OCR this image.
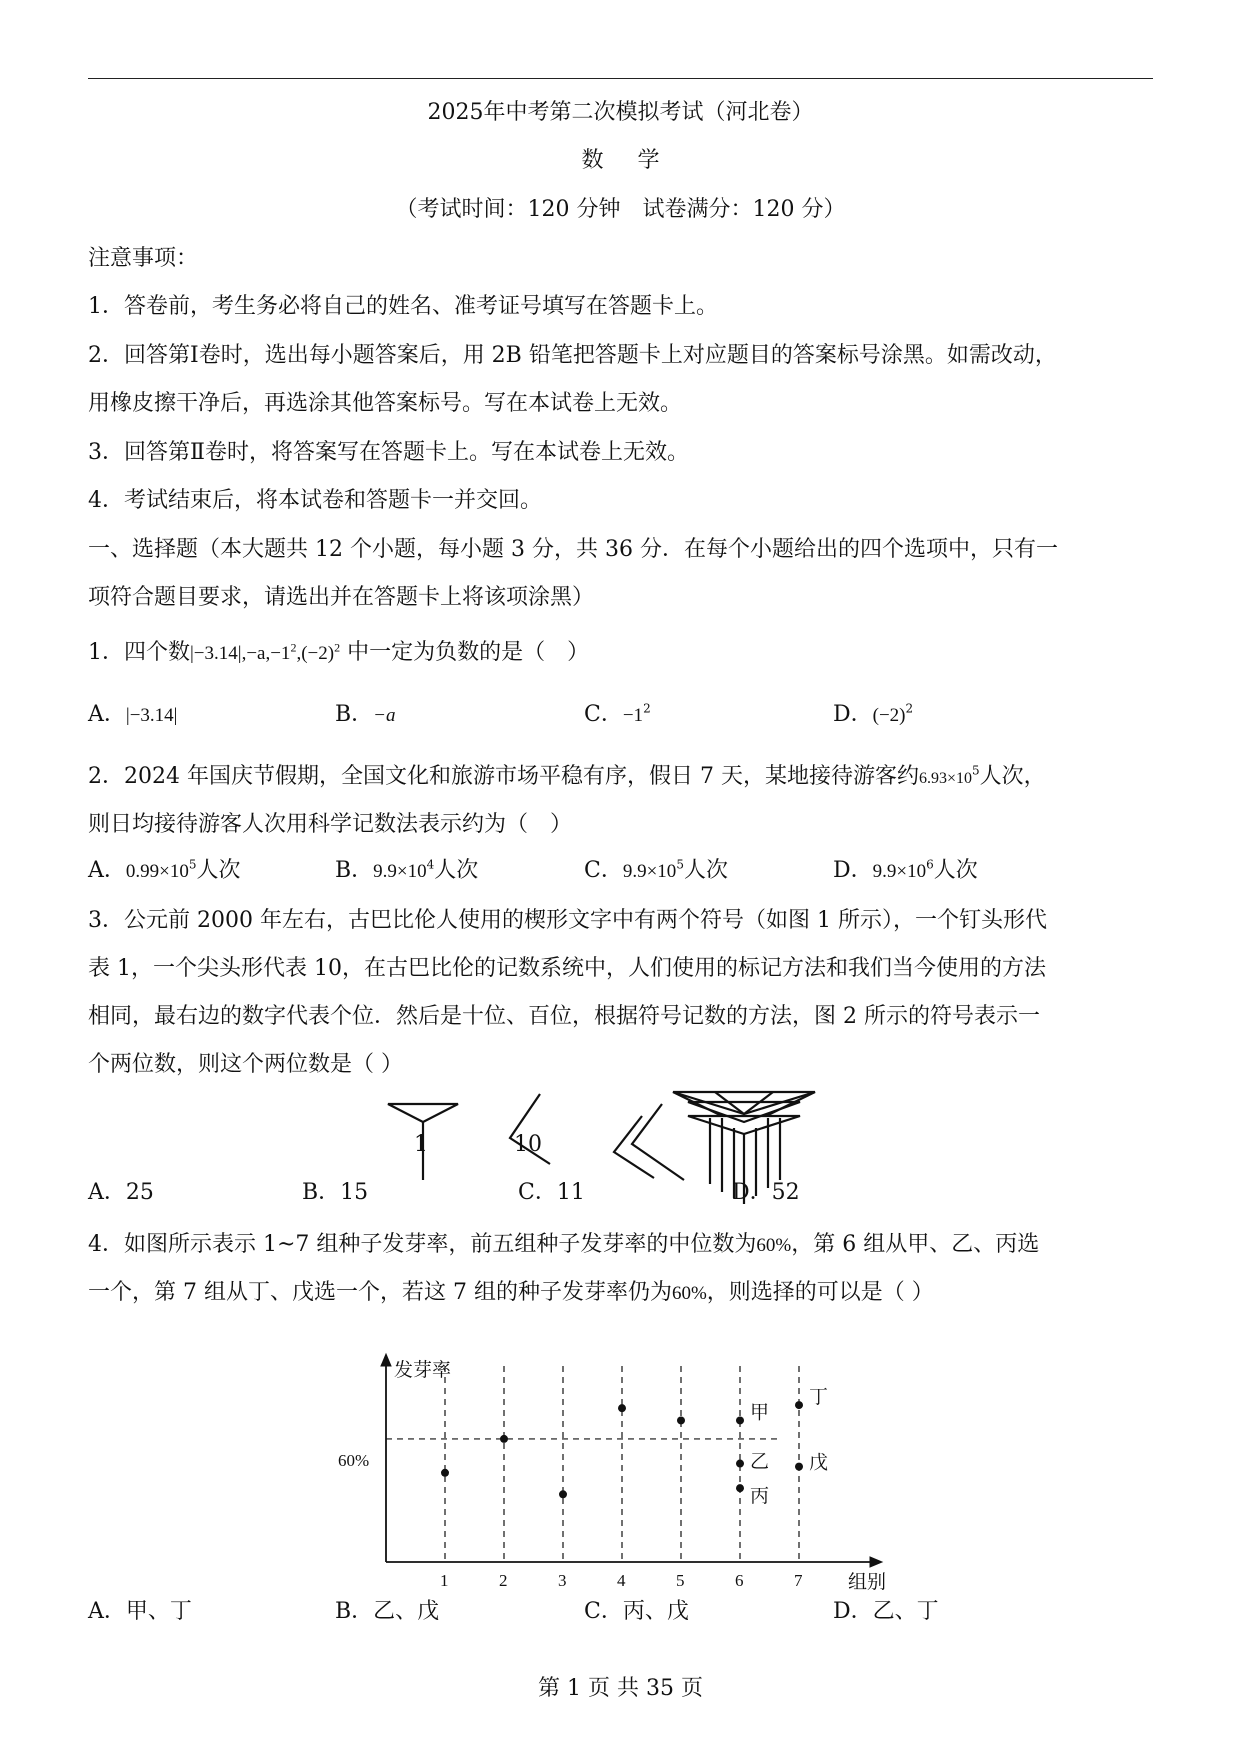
2025年中考第二次模拟考试（河北卷）
数学
（考试时间：120 分钟　试卷满分：120 分）
注意事项：
1．答卷前，考生务必将自己的姓名、准考证号填写在答题卡上。
2．回答第Ⅰ卷时，选出每小题答案后，用 2B 铅笔把答题卡上对应题目的答案标号涂黑。如需改动，
用橡皮擦干净后，再选涂其他答案标号。写在本试卷上无效。
3．回答第Ⅱ卷时，将答案写在答题卡上。写在本试卷上无效。
4．考试结束后，将本试卷和答题卡一并交回。
一、选择题（本大题共 12 个小题，每小题 3 分，共 36 分．在每个小题给出的四个选项中，只有一
项符合题目要求，请选出并在答题卡上将该项涂黑）
1．四个数$|-3.14|,-a,-1^2,(-2)^2$ 中一定为负数的是（　）
A．|−3.14|	B．−a	C．$-1^2$	D．$(-2)^2$
2．2024 年国庆节假期，全国文化和旅游市场平稳有序，假日 7 天，某地接待游客约$6.93\times 10^5$人次，
则日均接待游客人次用科学记数法表示约为（　）
A．$0.99\times 10^5$人次	B．$9.9\times 10^4$人次	C．$9.9\times 10^5$人次	D．$9.9\times 10^6$人次
3．公元前 2000 年左右，古巴比伦人使用的楔形文字中有两个符号（如图 1 所示），一个钉头形代
表 1，一个尖头形代表 10，在古巴比伦的记数系统中，人们使用的标记方法和我们当今使用的方法
相同，最右边的数字代表个位．然后是十位、百位，根据符号记数的方法，图 2 所示的符号表示一
个两位数，则这个两位数是（ ）
1	10
A．25	B．15	C．11	D．52
4．如图所示表示 1~7 组种子发芽率，前五组种子发芽率的中位数为60%，第 6 组从甲、乙、丙选
一个，第 7 组从丁、戊选一个，若这 7 组的种子发芽率仍为60%，则选择的可以是（ ）
1	2	3	4	5	6	7
甲
乙
丙
丁
戊
发芽率
组别
60%
A．甲、丁	B．乙、戊	C．丙、戊	D．乙、丁
第 1 页 共 35 页
